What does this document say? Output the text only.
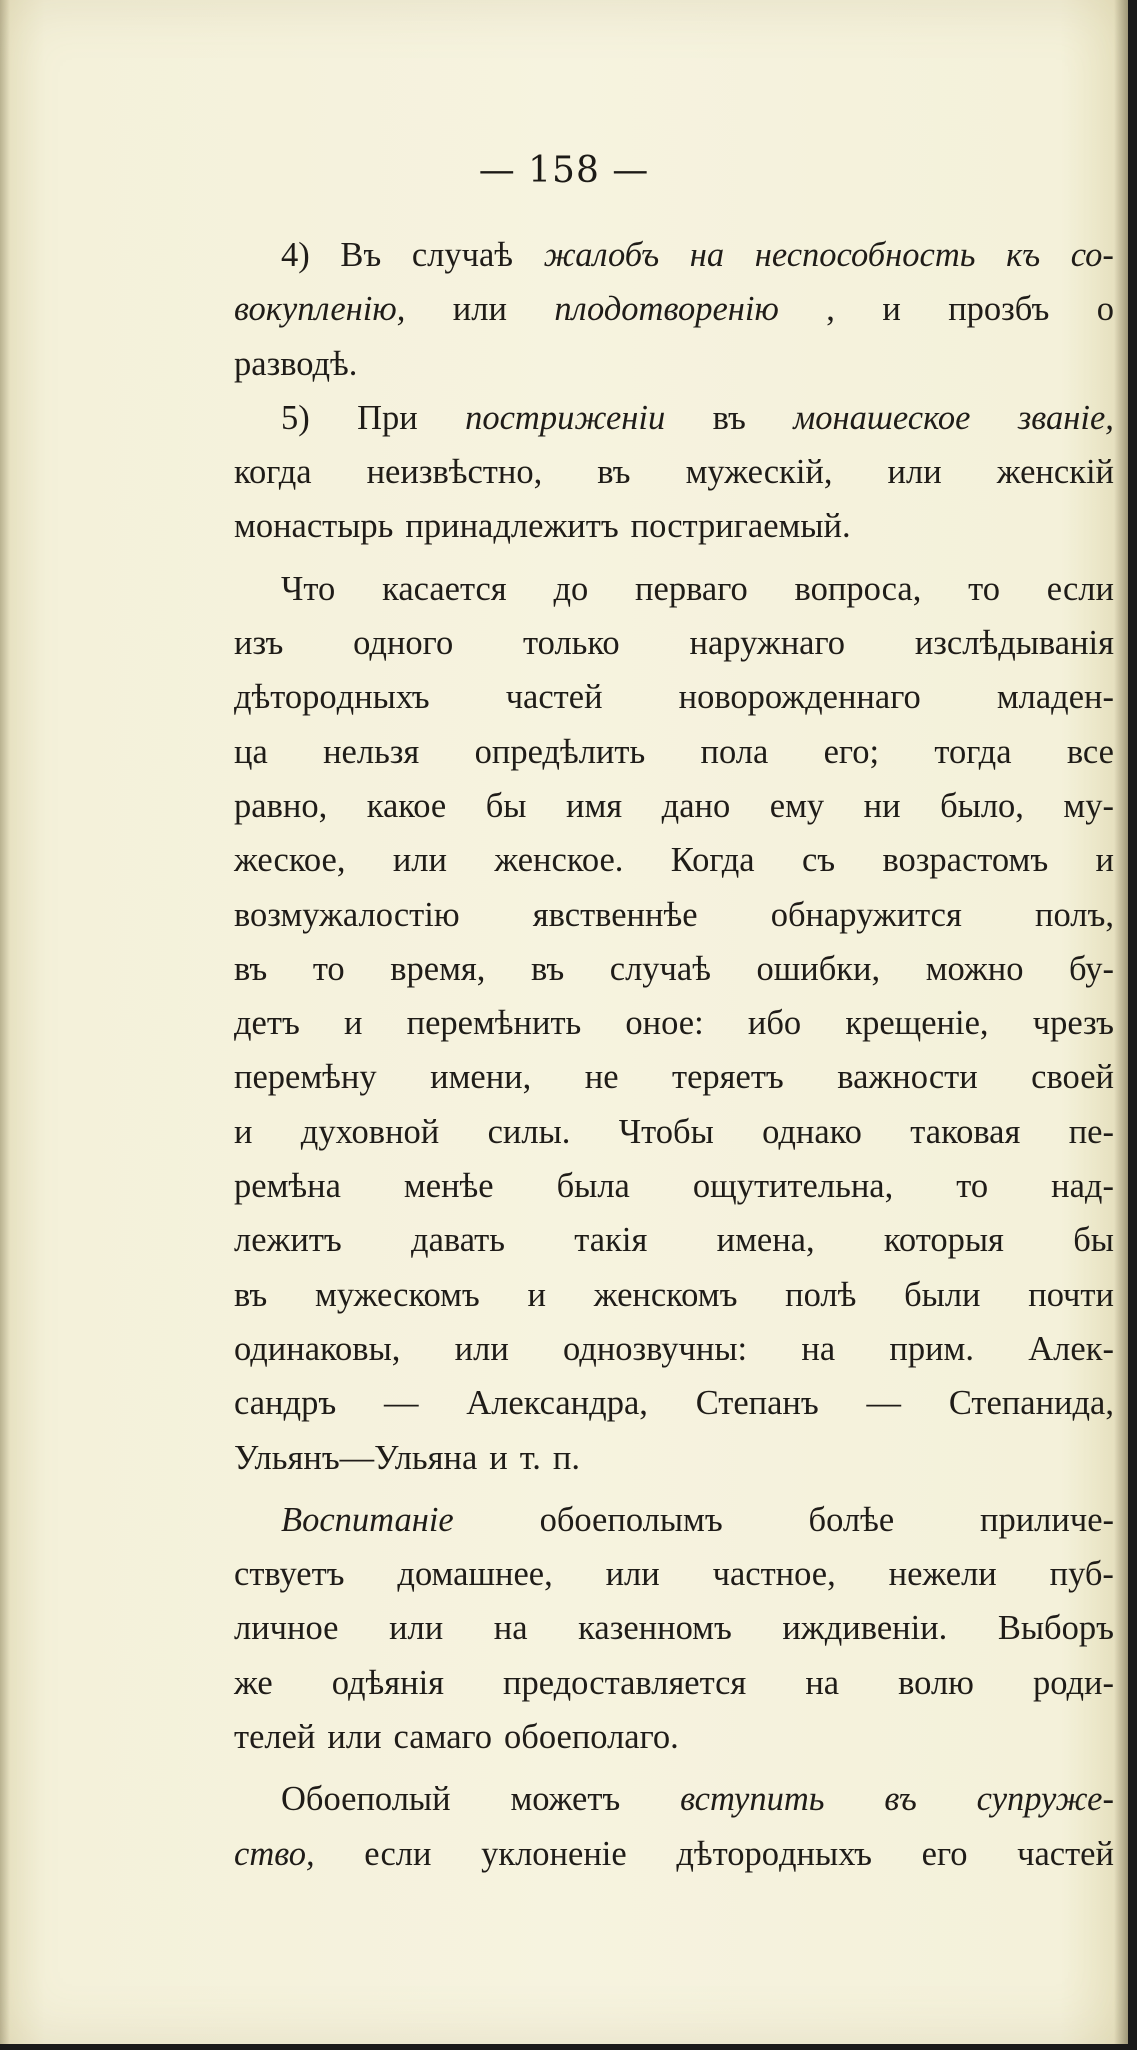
— 158 —
4) Въ случаѣ жалобъ на неспособность къ со-
вокупленію, или плодотворенію , и прозбъ о
разводѣ.
5) При постриженіи въ монашеское званіе,
когда неизвѣстно, въ мужескій, или женскій
монастырь принадлежитъ постригаемый.
Что касается до перваго вопроса, то если
изъ одного только наружнаго изслѣдыванія
дѣторoдныхъ частей новорожденнаго младен-
ца нельзя опредѣлить пола его; тогда все
равно, какое бы имя дано ему ни было, му-
жеское, или женское. Когда съ возрастомъ и
возмужалостію явственнѣе обнаружится полъ,
въ то время, въ случаѣ ошибки, можно бу-
детъ и перемѣнить оное: ибо крещеніе, чрезъ
перемѣну имени, не теряетъ важности своей
и духовной силы. Чтобы однако таковая пе-
ремѣна менѣе была ощутительна, то над-
лежитъ давать такія имена, которыя бы
въ мужескомъ и женскомъ полѣ были почти
одинаковы, или однозвучны: на прим. Алек-
сандръ — Александра, Степанъ — Степанида,
Ульянъ—Ульяна и т. п.
Воспитаніе обоеполымъ болѣе приличе-
ствуетъ домашнее, или частное, нежели пуб-
личное или на казенномъ иждивеніи. Выборъ
же одѣянія предоставляется на волю роди-
телей или самаго обоеполаго.
Обоеполый можетъ вступить въ супруже-
ство, если уклоненіе дѣторoдныхъ его частей
